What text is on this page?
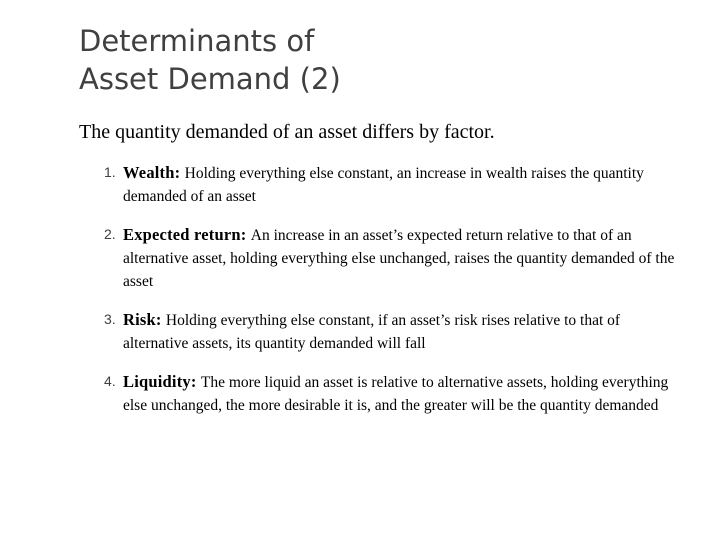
Determinants of
Asset Demand (2)

The quantity demanded of an asset differs by factor.

1. Wealth: Holding everything else constant, an increase in wealth raises the quantity demanded of an asset
2. Expected return: An increase in an asset’s expected return relative to that of an alternative asset, holding everything else unchanged, raises the quantity demanded of the asset
3. Risk: Holding everything else constant, if an asset’s risk rises relative to that of alternative assets, its quantity demanded will fall
4. Liquidity: The more liquid an asset is relative to alternative assets, holding everything else unchanged, the more desirable it is, and the greater will be the quantity demanded
